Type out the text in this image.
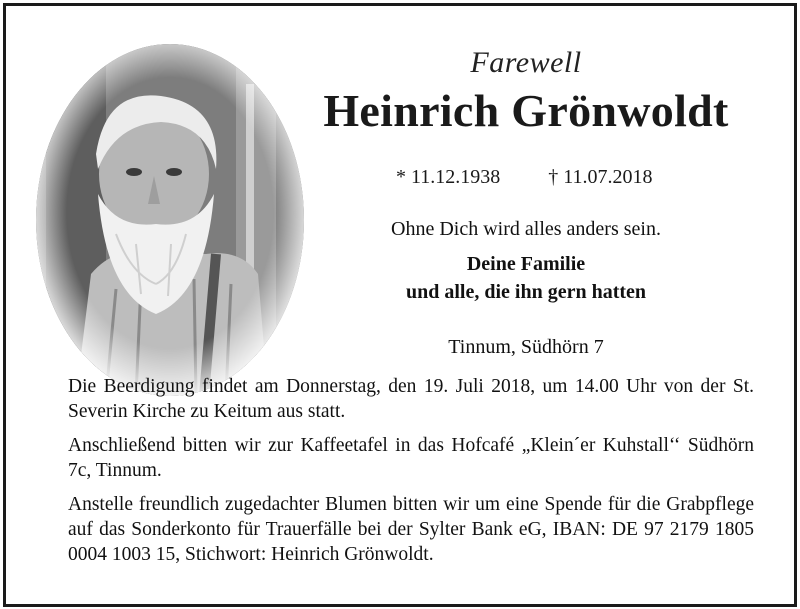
Farewell
Heinrich Grönwoldt
* 11.12.1938 † 11.07.2018
Ohne Dich wird alles anders sein.
Deine Familie
und alle, die ihn gern hatten
Tinnum, Südhörn 7

Die Beerdigung findet am Donnerstag, den 19. Juli 2018, um 14.00 Uhr von der St. Severin Kirche zu Keitum aus statt.

Anschließend bitten wir zur Kaffeetafel in das Hofcafé „Klein´er Kuhstall‘‘ Südhörn 7c, Tinnum.

Anstelle freundlich zugedachter Blumen bitten wir um eine Spende für die Grabpflege auf das Sonderkonto für Trauerfälle bei der Sylter Bank eG, IBAN: DE 97 2179 1805 0004 1003 15, Stichwort: Heinrich Grönwoldt.
